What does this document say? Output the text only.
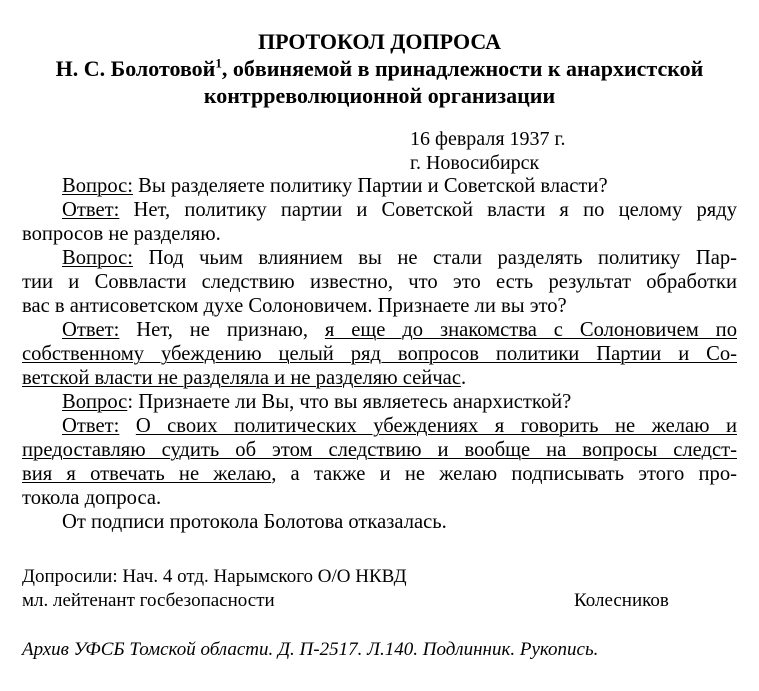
ПРОТОКОЛ ДОПРОСА
Н. С. Болотовой$^1$, обвиняемой в принадлежности к анархистской
контрреволюционной организации
16 февраля 1937 г.
г. Новосибирск
Вопрос: Вы разделяете политику Партии и Советской власти?
Ответ: Нет, политику партии и Советской власти я по целому ряду
вопросов не разделяю.
Вопрос: Под чьим влиянием вы не стали разделять политику Пар-
тии и Соввласти следствию известно, что это есть результат обработки
вас в антисоветском духе Солоновичем. Признаете ли вы это?
Ответ: Нет, не признаю, я еще до знакомства с Солоновичем по
собственному убеждению целый ряд вопросов политики Партии и Со-
ветской власти не разделяла и не разделяю сейчас.
Вопрос: Признаете ли Вы, что вы являетесь анархисткой?
Ответ: О своих политических убеждениях я говорить не желаю и
предоставляю судить об этом следствию и вообще на вопросы следст-
вия я отвечать не желаю, а также и не желаю подписывать этого про-
токола допроса.
От подписи протокола Болотова отказалась.
Допросили: Нач. 4 отд. Нарымского О/О НКВД
мл. лейтенант госбезопасности	Колесников
Архив УФСБ Томской области. Д. П-2517. Л.140. Подлинник. Рукопись.
